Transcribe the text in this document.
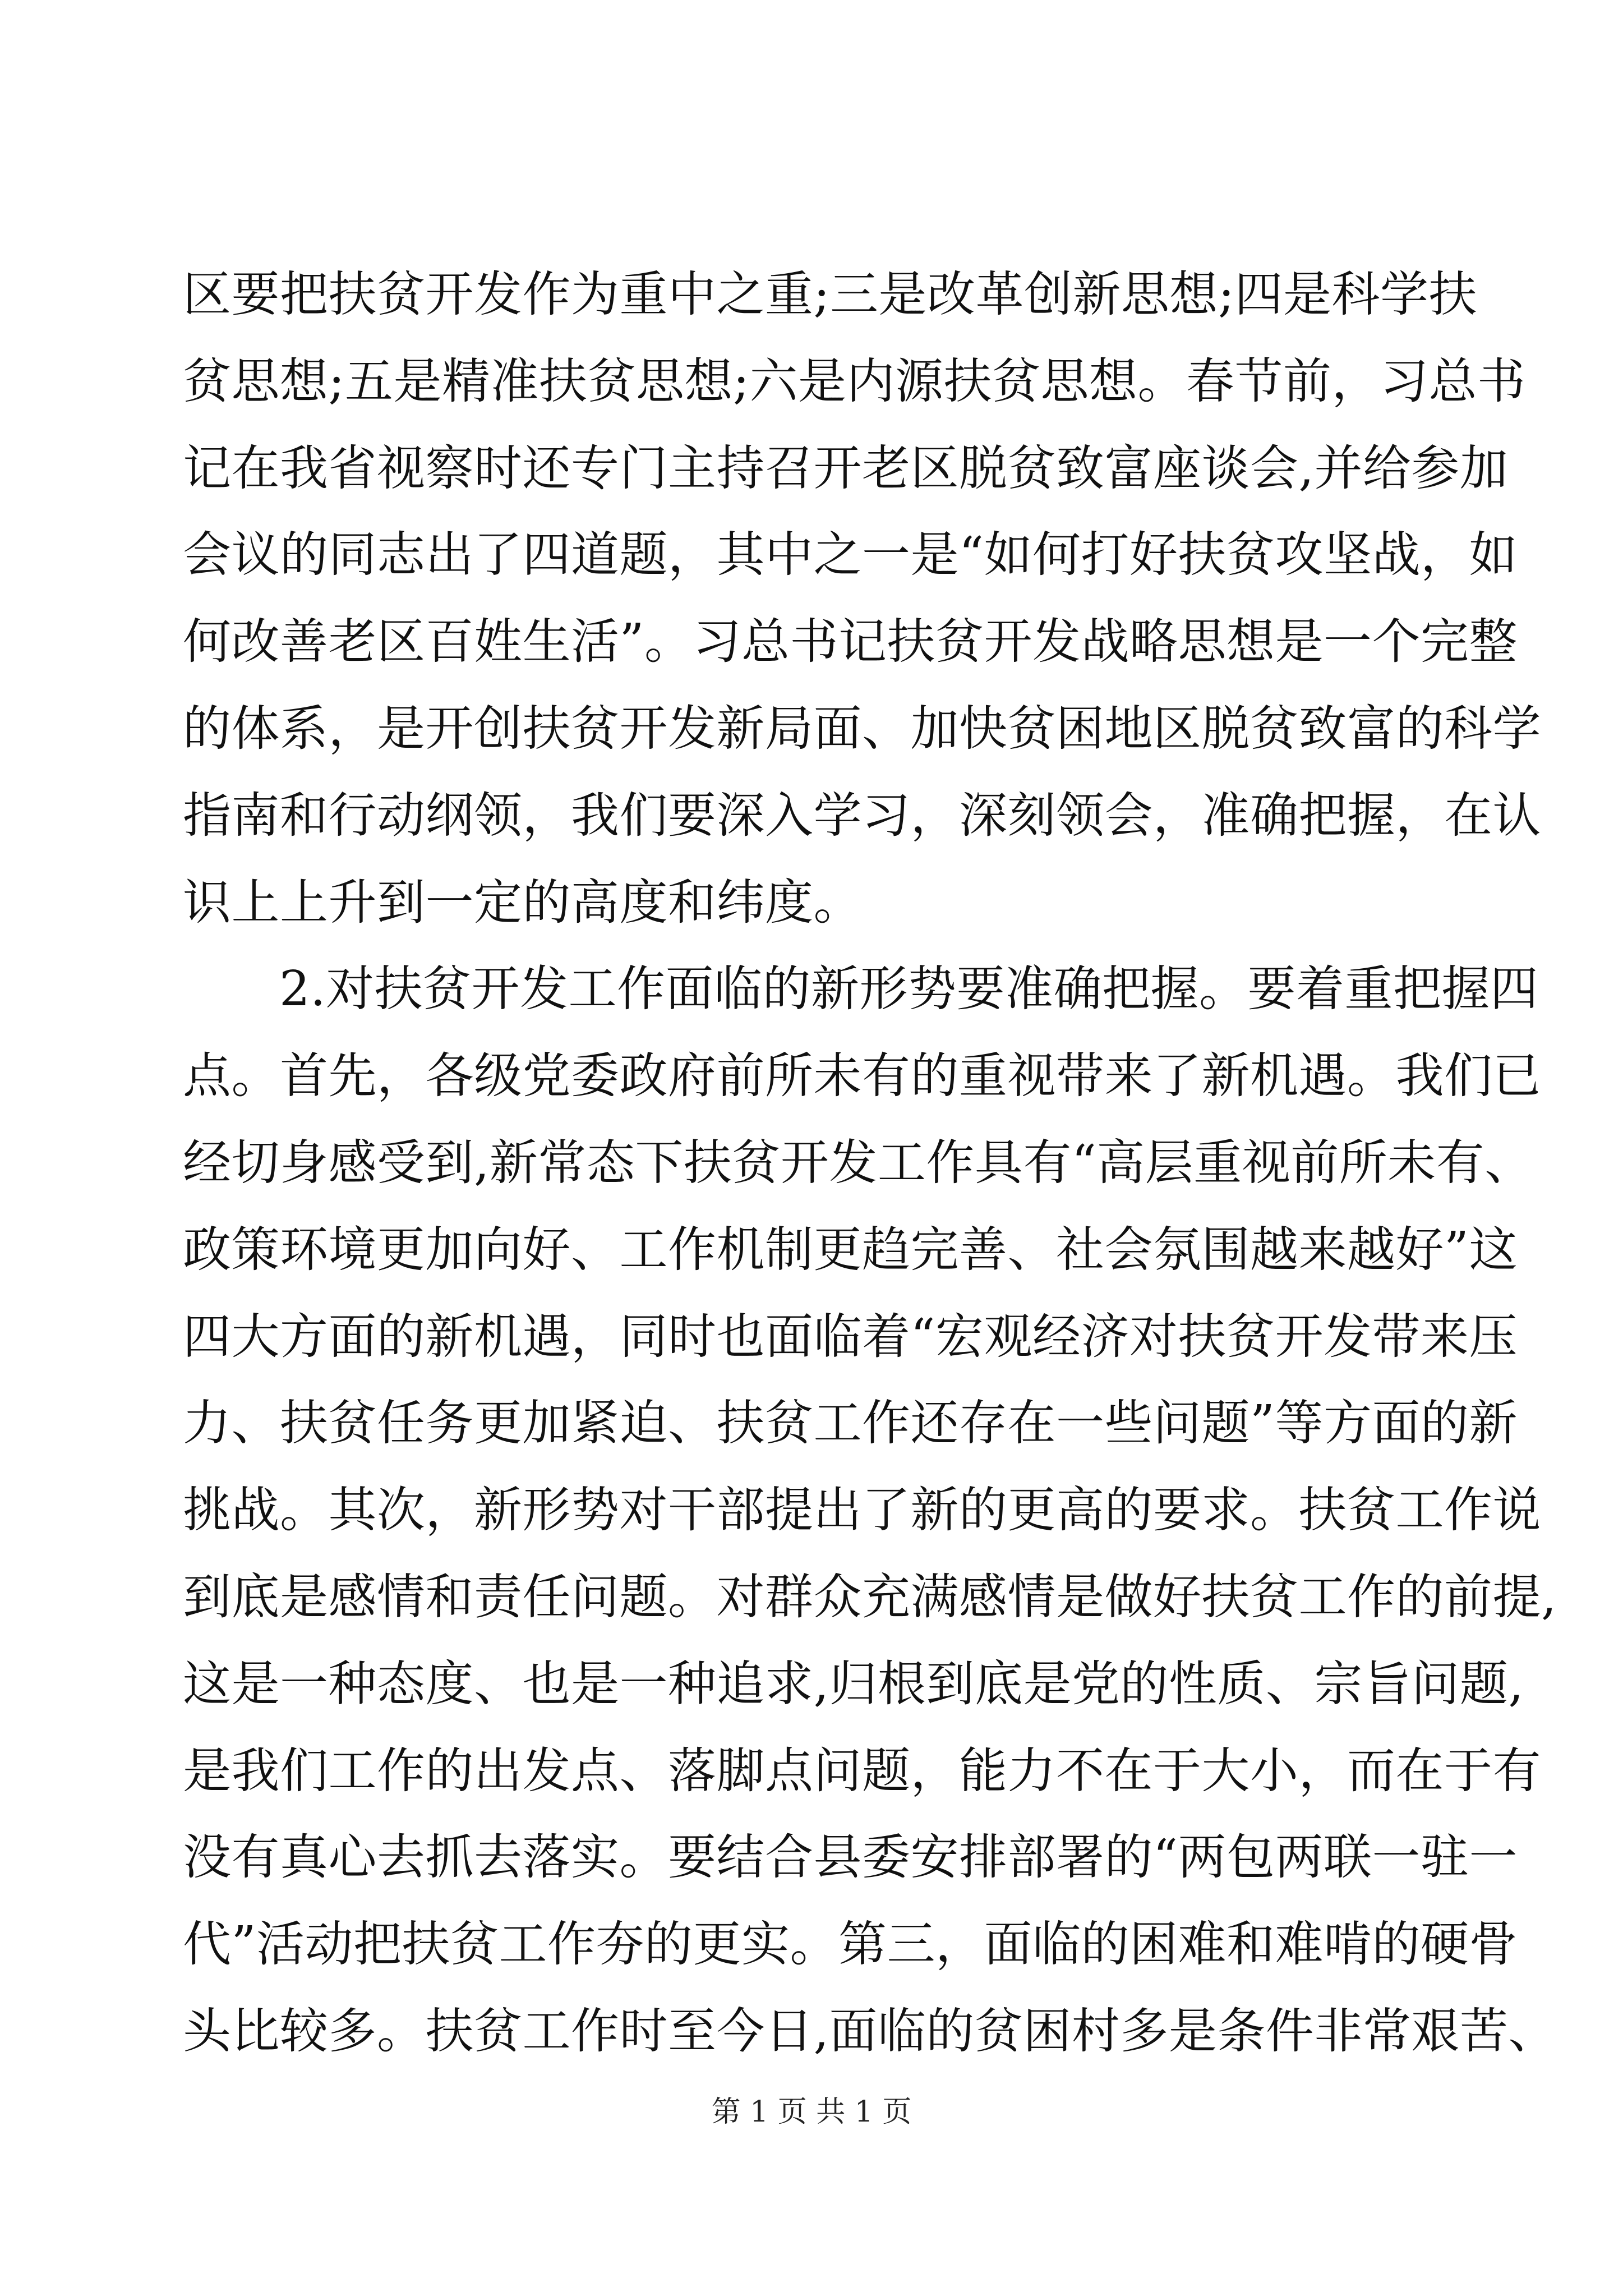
区要把扶贫开发作为重中之重;三是改革创新思想;四是科学扶
贫思想;五是精准扶贫思想;六是内源扶贫思想。春节前，习总书
记在我省视察时还专门主持召开老区脱贫致富座谈会,并给参加
会议的同志出了四道题，其中之一是“如何打好扶贫攻坚战，如
何改善老区百姓生活”。习总书记扶贫开发战略思想是一个完整
的体系，是开创扶贫开发新局面、加快贫困地区脱贫致富的科学
指南和行动纲领，我们要深入学习，深刻领会，准确把握，在认
识上上升到一定的高度和纬度。
2.对扶贫开发工作面临的新形势要准确把握。要着重把握四
点。首先，各级党委政府前所未有的重视带来了新机遇。我们已
经切身感受到,新常态下扶贫开发工作具有“高层重视前所未有、
政策环境更加向好、工作机制更趋完善、社会氛围越来越好”这
四大方面的新机遇，同时也面临着“宏观经济对扶贫开发带来压
力、扶贫任务更加紧迫、扶贫工作还存在一些问题”等方面的新
挑战。其次，新形势对干部提出了新的更高的要求。扶贫工作说
到底是感情和责任问题。对群众充满感情是做好扶贫工作的前提,
这是一种态度、也是一种追求,归根到底是党的性质、宗旨问题,
是我们工作的出发点、落脚点问题，能力不在于大小，而在于有
没有真心去抓去落实。要结合县委安排部署的“两包两联一驻一
代”活动把扶贫工作夯的更实。第三，面临的困难和难啃的硬骨
头比较多。扶贫工作时至今日,面临的贫困村多是条件非常艰苦、
第 1 页 共 1 页
